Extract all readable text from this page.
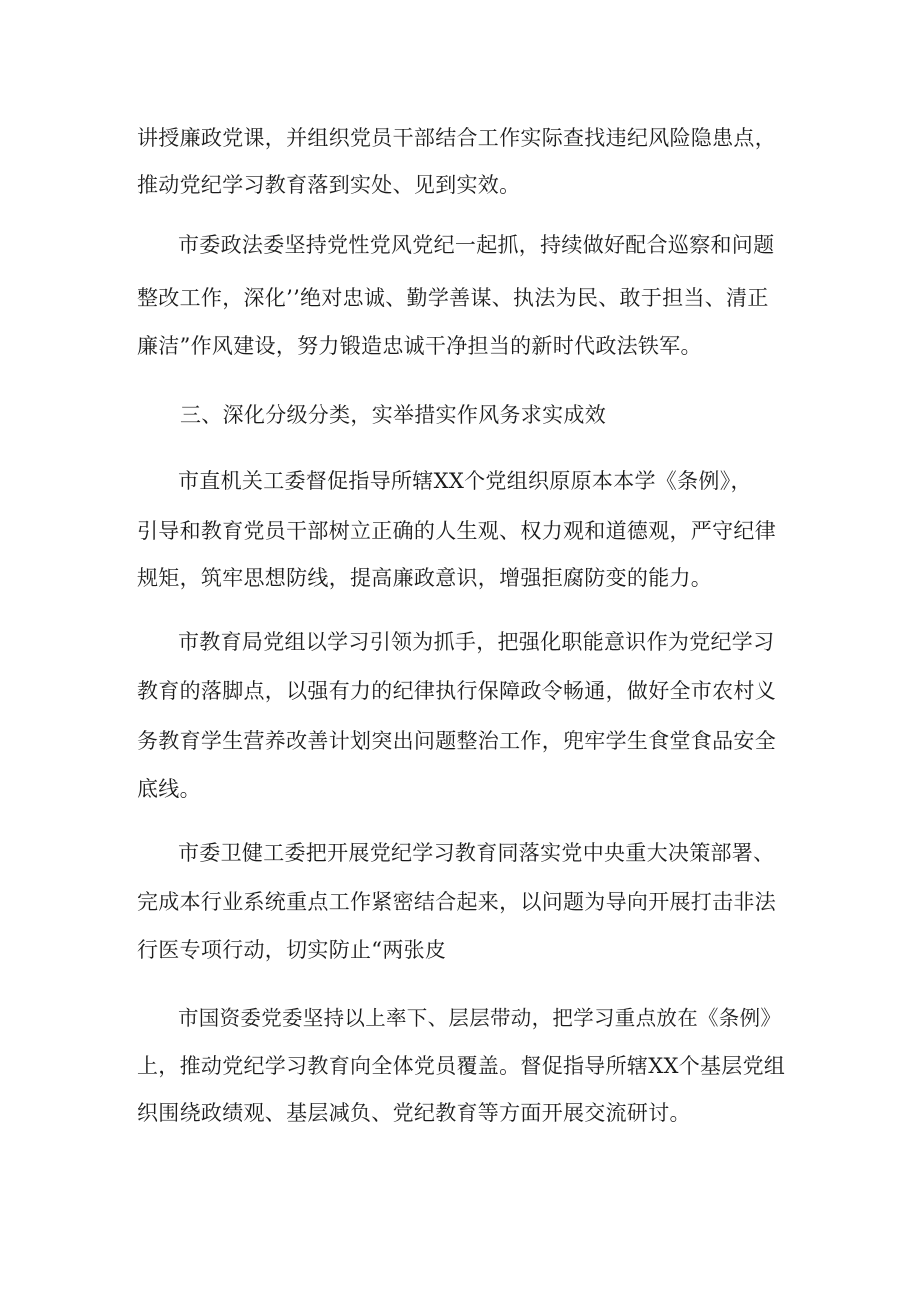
讲授廉政党课，并组织党员干部结合工作实际查找违纪风险隐患点，
推动党纪学习教育落到实处、见到实效。
市委政法委坚持党性党风党纪一起抓，持续做好配合巡察和问题
整改工作，深化’’绝对忠诚、勤学善谋、执法为民、敢于担当、清正
廉洁”作风建设，努力锻造忠诚干净担当的新时代政法铁军。
三、深化分级分类，实举措实作风务求实成效
市直机关工委督促指导所辖XX个党组织原原本本学《条例》，
引导和教育党员干部树立正确的人生观、权力观和道德观，严守纪律
规矩，筑牢思想防线，提高廉政意识，增强拒腐防变的能力。
市教育局党组以学习引领为抓手，把强化职能意识作为党纪学习
教育的落脚点，以强有力的纪律执行保障政令畅通，做好全市农村义
务教育学生营养改善计划突出问题整治工作，兜牢学生食堂食品安全
底线。
市委卫健工委把开展党纪学习教育同落实党中央重大决策部署、
完成本行业系统重点工作紧密结合起来，以问题为导向开展打击非法
行医专项行动，切实防止“两张皮
市国资委党委坚持以上率下、层层带动，把学习重点放在《条例》
上，推动党纪学习教育向全体党员覆盖。督促指导所辖XX个基层党组
织围绕政绩观、基层减负、党纪教育等方面开展交流研讨。
